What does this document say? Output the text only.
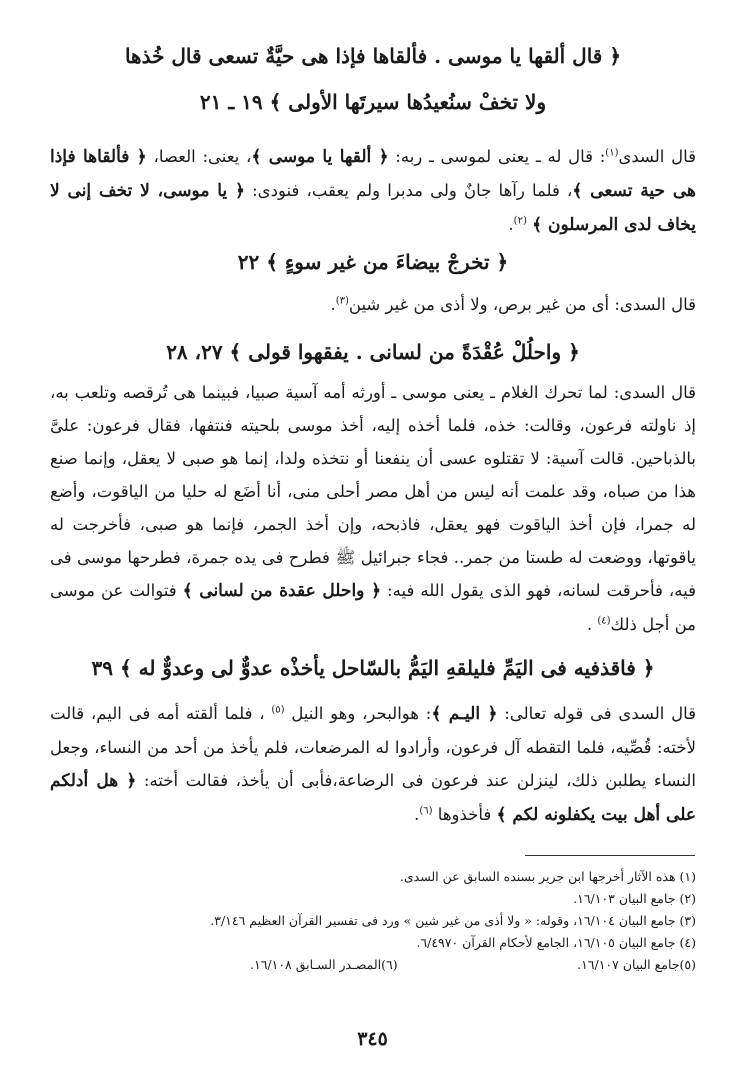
﴿ قال ألقها يا موسى . فألقاها فإذا هى حيَّةٌ تسعى قال خُذها
ولا تخفْ سنُعيدُها سيرتَها الأولى ﴾ ١٩ ـ ٢١

قال السدى$^{(١)}$: قال له ـ يعنى لموسى ـ ربه: ﴿ ألقها يا موسى ﴾، يعنى: العصا، ﴿ فألقاها فإذا هى حية تسعى ﴾، فلما رآها جانٌ ولى مدبرا ولم يعقب، فنودى: ﴿ يا موسى، لا تخف إنى لا يخاف لدى المرسلون ﴾ $^{(٢)}$.

﴿ تخرجْ بيضاءَ من غير سوءٍ ﴾ ٢٢

قال السدى: أى من غير برص، ولا أذى من غير شين$^{(٣)}$.

﴿ واحلُلْ عُقْدَةً من لسانى . يفقهوا قولى ﴾ ٢٧، ٢٨

قال السدى: لما تحرك الغلام ـ يعنى موسى ـ أورثه أمه آسية صبيا، فبينما هى تُرقصه وتلعب به، إذ ناولته فرعون، وقالت: خذه، فلما أخذه إليه، أخذ موسى بلحيته فنتفها، فقال فرعون: علىَّ بالذباحين. قالت آسية: لا تقتلوه عسى أن ينفعنا أو نتخذه ولدا، إنما هو صبى لا يعقل، وإنما صنع هذا من صباه، وقد علمت أنه ليس من أهل مصر أحلى منى، أنا أضَع له حليا من الياقوت، وأضع له جمرا، فإن أخذ الياقوت فهو يعقل، فاذبحه، وإن أخذ الجمر، فإنما هو صبى، فأخرجت له ياقوتها، ووضعت له طستا من جمر.. فجاء جبرائيل ﷺ فطرح فى يده جمرة، فطرحها موسى فى فيه، فأحرقت لسانه، فهو الذى يقول الله فيه: ﴿ واحلل عقدة من لسانى ﴾ فتوالت عن موسى من أجل ذلك$^{(٤)}$ .

﴿ فاقذفيه فى اليَمِّ فليلقهِ اليَمُّ بالسّاحل يأخذْه عدوٌّ لى وعدوٌّ له ﴾ ٣٩

قال السدى فى قوله تعالى: ﴿ اليـم ﴾: هوالبحر، وهو النيل $^{(٥)}$ ، فلما ألقته أمه فى اليم، قالت لأخته: قُصِّيه، فلما التقطه آل فرعون، وأرادوا له المرضعات، فلم يأخذ من أحد من النساء، وجعل النساء يطلبن ذلك، لينزلن عند فرعون فى الرضاعة،فأبى أن يأخذ، فقالت أخته: ﴿ هل أدلكم على أهل بيت يكفلونه لكم ﴾ فأخذوها $^{(٦)}$.

(١) هذه الآثار أخرجها ابن جرير بسنده السابق عن السدى.
(٢) جامع البيان ١٦/١٠٣.
(٣) جامع البيان ١٦/١٠٤، وقوله: « ولا أذى من غير شين » ورد فى تفسير القرآن العظيم ٣/١٤٦.
(٤) جامع البيان ١٦/١٠٥، الجامع لأحكام القرآن ٦/٤٩٧٠.
(٥)جامع البيان ١٦/١٠٧.
(٦)المصـدر السـابق ١٦/١٠٨.
٣٤٥
